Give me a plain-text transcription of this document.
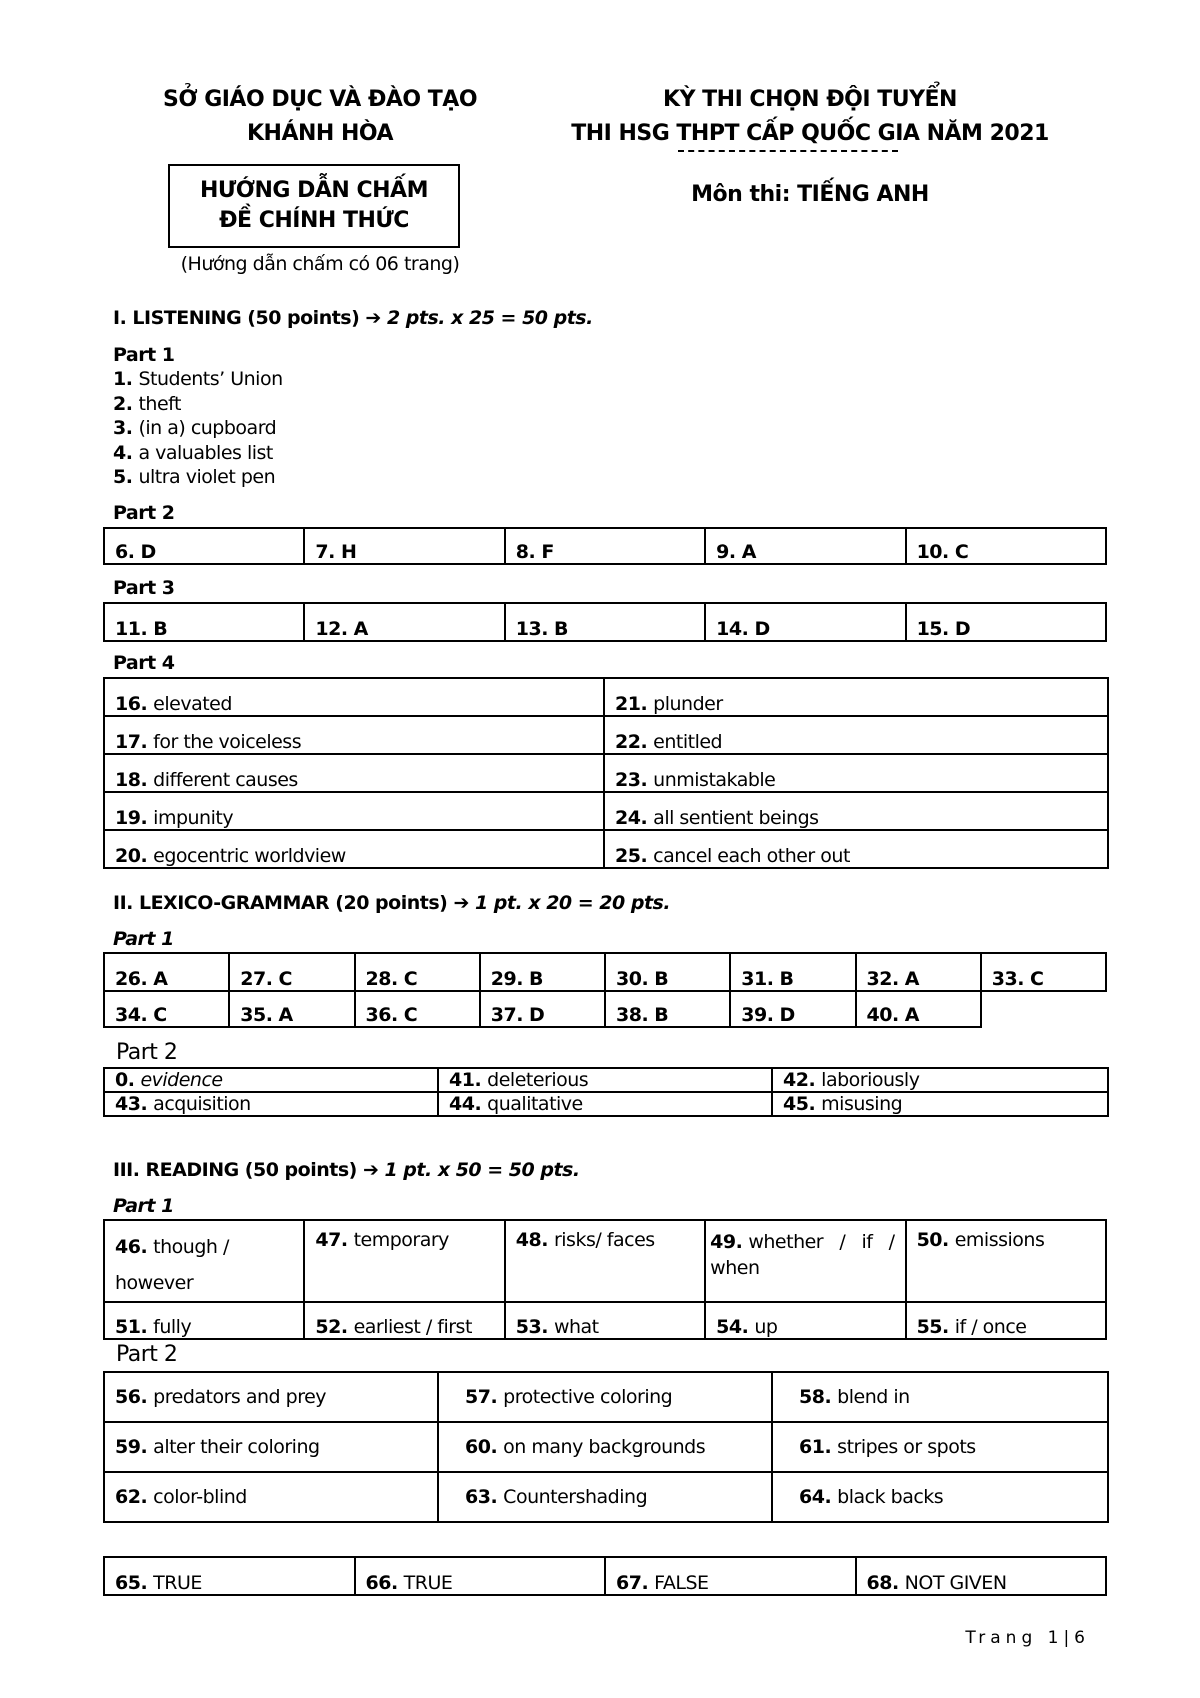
SỞ GIÁO DỤC VÀ ĐÀO TẠO
KHÁNH HÒA
HƯỚNG DẪN CHẤM
ĐỀ CHÍNH THỨC
(Hướng dẫn chấm có 06 trang)
KỲ THI CHỌN ĐỘI TUYỂN
THI HSG THPT CẤP QUỐC GIA NĂM 2021
Môn thi: TIẾNG ANH
I. LISTENING (50 points) ➔ 2 pts. x 25 = 50 pts.
Part 1
1. Students’ Union
2. theft
3. (in a) cupboard
4. a valuables list
5. ultra violet pen
Part 2
6. D	7. H	8. F	9. A	10. C
Part 3
11. B	12. A	13. B	14. D	15. D
Part 4
16. elevated	21. plunder
17. for the voiceless	22. entitled
18. different causes	23. unmistakable
19. impunity	24. all sentient beings
20. egocentric worldview	25. cancel each other out
II. LEXICO-GRAMMAR (20 points) ➔ 1 pt. x 20 = 20 pts.
Part 1
26. A	27. C	28. C	29. B	30. B	31. B	32. A	33. C
34. C	35. A	36. C	37. D	38. B	39. D	40. A	
Part 2
0. evidence	41. deleterious	42. laboriously
43. acquisition	44. qualitative	45. misusing
III. READING (50 points) ➔ 1 pt. x 50 = 50 pts.
Part 1
46. though / however	47. temporary	48. risks/ faces	49. whether / if / when	50. emissions
51. fully	52. earliest / first	53. what	54. up	55. if / once
Part 2
56. predators and prey	57. protective coloring	58. blend in
59. alter their coloring	60. on many backgrounds	61. stripes or spots
62. color-blind	63. Countershading	64. black backs
65. TRUE	66. TRUE	67. FALSE	68. NOT GIVEN
Trang 1|6
